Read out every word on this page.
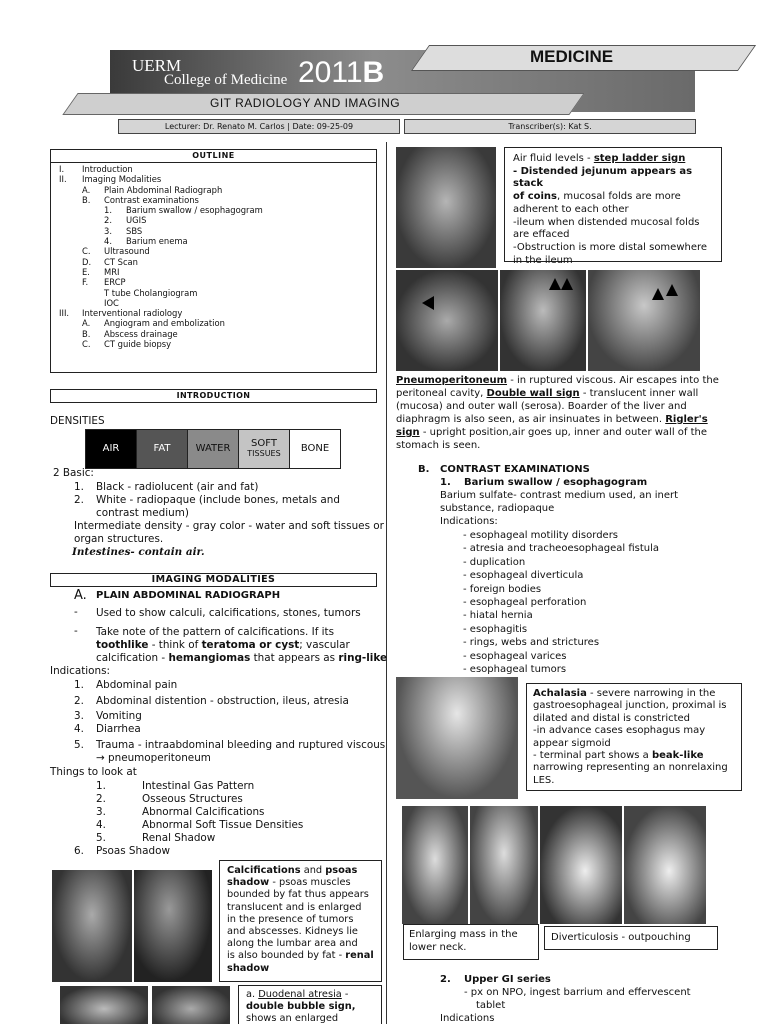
UERM
College of Medicine 2011B	MEDICINE
GIT RADIOLOGY AND IMAGING
Lecturer: Dr. Renato M. Carlos | Date: 09-25-09	Transcriber(s): Kat S.
OUTLINE
I. Introduction
II. Imaging Modalities
A. Plain Abdominal Radiograph
B. Contrast examinations
1. Barium swallow / esophagogram
2. UGIS
3. SBS
4. Barium enema
C. Ultrasound
D. CT Scan
E. MRI
F. ERCP
T tube Cholangiogram
IOC
III. Interventional radiology
A. Angiogram and embolization
B. Abscess drainage
C. CT guide biopsy
INTRODUCTION
DENSITIES
AIR	FAT	WATER SOFT
TISSUES BONE
2 Basic:
1. Black - radiolucent (air and fat)
2. White - radiopaque (include bones, metals and
contrast medium)
Intermediate density - gray color - water and soft tissues or
organ structures.
Intestines- contain air.
IMAGING MODALITIES
A. PLAIN ABDOMINAL RADIOGRAPH
- Used to show calculi, calcifications, stones, tumors
- Take note of the pattern of calcifications. If its
toothlike - think of teratoma or cyst; vascular
calcification - hemangiomas that appears as ring-like
Indications:
1. Abdominal pain
2. Abdominal distention - obstruction, ileus, atresia
3. Vomiting
4. Diarrhea
5. Trauma - intraabdominal bleeding and ruptured viscous
→ pneumoperitoneum
Things to look at
1.	Intestinal Gas Pattern
2.	Osseous Structures
3.	Abnormal Calcifications
4.	Abnormal Soft Tissue Densities
5.	Renal Shadow
6. Psoas Shadow
Calcifications and psoas
shadow - psoas muscles
bounded by fat thus appears
translucent and is enlarged
in the presence of tumors
and abscesses. Kidneys lie
along the lumbar area and
is also bounded by fat - renal
shadow
a. Duodenal atresia -
double bubble sign,
shows an enlarged
Air fluid levels - step ladder sign
- Distended jejunum appears as stack
of coins, mucosal folds are more
adherent to each other
-ileum when distended mucosal folds
are effaced
-Obstruction is more distal somewhere
in the ileum
Pneumoperitoneum - in ruptured viscous. Air escapes into the
peritoneal cavity, Double wall sign - translucent inner wall
(mucosa) and outer wall (serosa). Boarder of the liver and
diaphragm is also seen, as air insinuates in between. Rigler's
sign - upright position,air goes up, inner and outer wall of the
stomach is seen.
B. CONTRAST EXAMINATIONS
1. Barium swallow / esophagogram
Barium sulfate- contrast medium used, an inert
substance, radiopaque
Indications:
- esophageal motility disorders
- atresia and tracheoesophageal fistula
- duplication
- esophageal diverticula
- foreign bodies
- esophageal perforation
- hiatal hernia
- esophagitis
- rings, webs and strictures
- esophageal varices
- esophageal tumors
Achalasia - severe narrowing in the
gastroesophageal junction, proximal is
dilated and distal is constricted
-in advance cases esophagus may
appear sigmoid
- terminal part shows a beak-like
narrowing representing an nonrelaxing
LES.
Enlarging mass in the
lower neck.
Diverticulosis - outpouching
2. Upper GI series
- px on NPO, ingest barrium and effervescent
tablet
Indications
